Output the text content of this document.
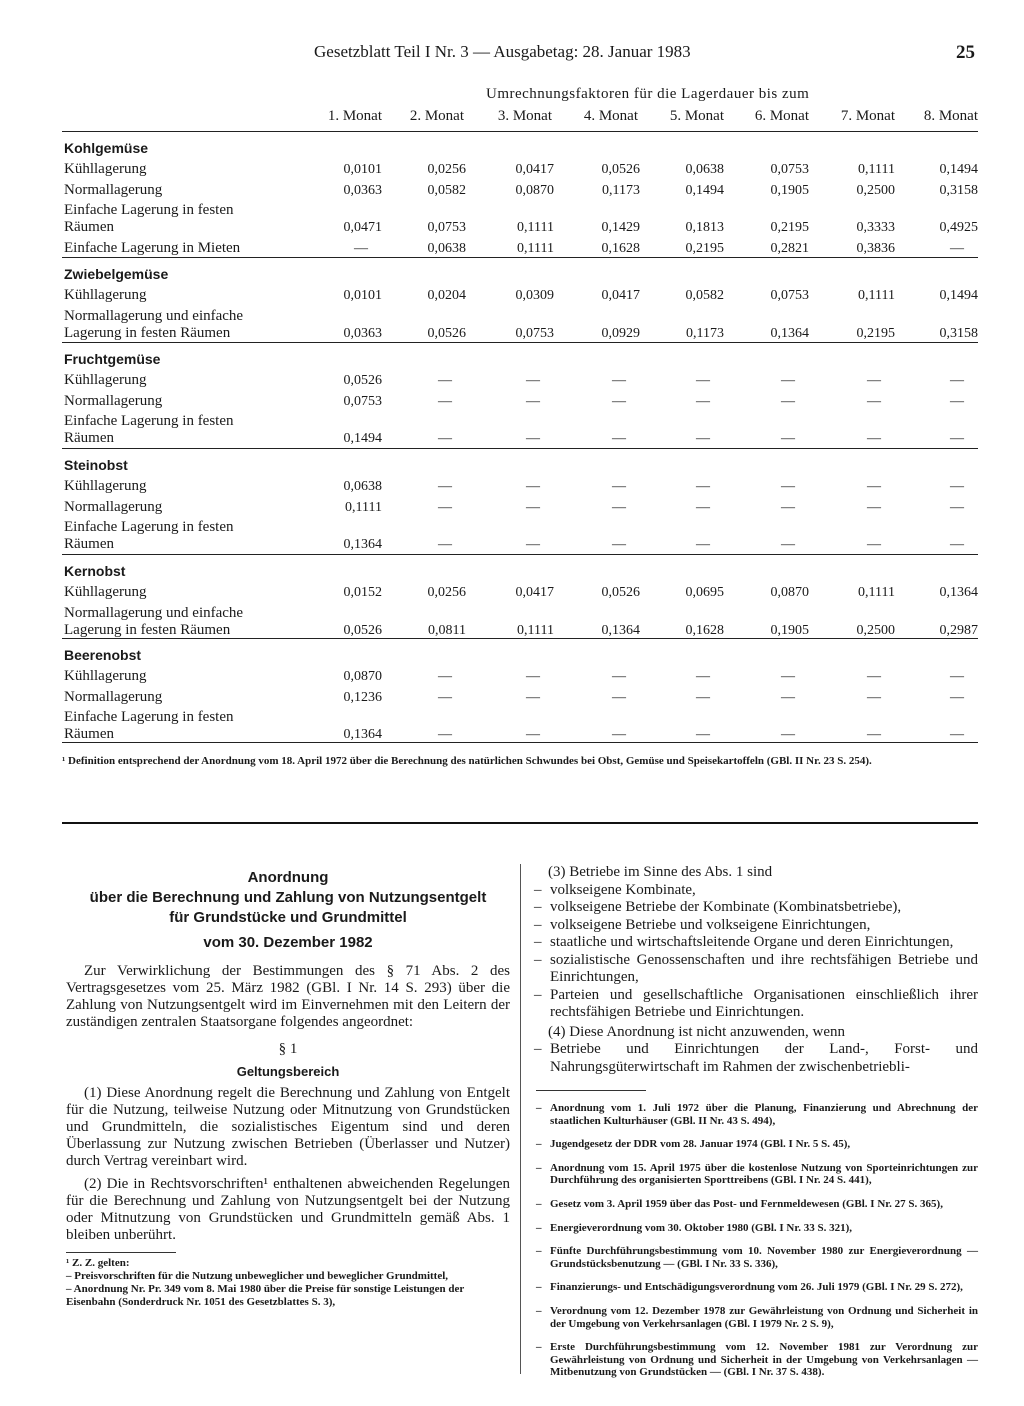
Gesetzblatt Teil I Nr. 3 — Ausgabetag: 28. Januar 1983	25
Umrechnungsfaktoren für die Lagerdauer bis zum
1. Monat 2. Monat 3. Monat 4. Monat 5. Monat 6. Monat 7. Monat 8. Monat
Kohlgemüse
Kühllagerung	0,0101	0,0256	0,0417	0,0526	0,0638	0,0753	0,1111	0,1494
Normallagerung	0,0363	0,0582	0,0870	0,1173	0,1494	0,1905	0,2500	0,3158
Einfache Lagerung in festen
Räumen	0,0471	0,0753	0,1111	0,1429	0,1813	0,2195	0,3333	0,4925
Einfache Lagerung in Mieten	—	0,0638	0,1111	0,1628	0,2195	0,2821	0,3836	—
Zwiebelgemüse
Kühllagerung	0,0101	0,0204	0,0309	0,0417	0,0582	0,0753	0,1111	0,1494
Normallagerung und einfache
Lagerung in festen Räumen	0,0363	0,0526	0,0753	0,0929	0,1173	0,1364	0,2195	0,3158
Fruchtgemüse
Kühllagerung	0,0526	—	—	—	—	—	—	—
Normallagerung	0,0753	—	—	—	—	—	—	—
Einfache Lagerung in festen
Räumen	0,1494	—	—	—	—	—	—	—
Steinobst
Kühllagerung	0,0638	—	—	—	—	—	—	—
Normallagerung	0,1111	—	—	—	—	—	—	—
Einfache Lagerung in festen
Räumen	0,1364	—	—	—	—	—	—	—
Kernobst
Kühllagerung	0,0152	0,0256	0,0417	0,0526	0,0695	0,0870	0,1111	0,1364
Normallagerung und einfache
Lagerung in festen Räumen	0,0526	0,0811	0,1111	0,1364	0,1628	0,1905	0,2500	0,2987
Beerenobst
Kühllagerung	0,0870	—	—	—	—	—	—	—
Normallagerung	0,1236	—	—	—	—	—	—	—
Einfache Lagerung in festen
Räumen	0,1364	—	—	—	—	—	—	—
¹ Definition entsprechend der Anordnung vom 18. April 1972 über die Berechnung des natürlichen Schwundes bei Obst, Gemüse und Speisekartoffeln (GBl. II Nr. 23 S. 254).
Anordnung
über die Berechnung und Zahlung von Nutzungsentgelt
für Grundstücke und Grundmittel
vom 30. Dezember 1982

Zur Verwirklichung der Bestimmungen des § 71 Abs. 2 des Vertragsgesetzes vom 25. März 1982 (GBl. I Nr. 14 S. 293) über die Zahlung von Nutzungsentgelt wird im Einvernehmen mit den Leitern der zuständigen zentralen Staatsorgane folgendes angeordnet:

§ 1
Geltungsbereich

(1) Diese Anordnung regelt die Berechnung und Zahlung von Entgelt für die Nutzung, teilweise Nutzung oder Mitnutzung von Grundstücken und Grundmitteln, die sozialistisches Eigentum sind und deren Überlassung zur Nutzung zwischen Betrieben (Überlasser und Nutzer) durch Vertrag vereinbart wird.

(2) Die in Rechtsvorschriften¹ enthaltenen abweichenden Regelungen für die Berechnung und Zahlung von Nutzungsentgelt bei der Nutzung oder Mitnutzung von Grundstücken und Grundmitteln gemäß Abs. 1 bleiben unberührt.

¹ Z. Z. gelten:
– Preisvorschriften für die Nutzung unbeweglicher und beweglicher Grundmittel,
– Anordnung Nr. Pr. 349 vom 8. Mai 1980 über die Preise für sonstige Leistungen der Eisenbahn (Sonderdruck Nr. 1051 des Gesetzblattes S. 3),

(3) Betriebe im Sinne des Abs. 1 sind

– volkseigene Kombinate,

– volkseigene Betriebe der Kombinate (Kombinatsbetriebe),

– volkseigene Betriebe und volkseigene Einrichtungen,

– staatliche und wirtschaftsleitende Organe und deren Einrichtungen,

– sozialistische Genossenschaften und ihre rechtsfähigen Betriebe und Einrichtungen,

– Parteien und gesellschaftliche Organisationen einschließlich ihrer rechtsfähigen Betriebe und Einrichtungen.

(4) Diese Anordnung ist nicht anzuwenden, wenn

– Betriebe und Einrichtungen der Land-, Forst- und Nahrungsgüterwirtschaft im Rahmen der zwischenbetriebli-

– Anordnung vom 1. Juli 1972 über die Planung, Finanzierung und Abrechnung der staatlichen Kulturhäuser (GBl. II Nr. 43 S. 494),

– Jugendgesetz der DDR vom 28. Januar 1974 (GBl. I Nr. 5 S. 45),

– Anordnung vom 15. April 1975 über die kostenlose Nutzung von Sporteinrichtungen zur Durchführung des organisierten Sporttreibens (GBl. I Nr. 24 S. 441),

– Gesetz vom 3. April 1959 über das Post- und Fernmeldewesen (GBl. I Nr. 27 S. 365),

– Energieverordnung vom 30. Oktober 1980 (GBl. I Nr. 33 S. 321),

– Fünfte Durchführungsbestimmung vom 10. November 1980 zur Energieverordnung — Grundstücksbenutzung — (GBl. I Nr. 33 S. 336),

– Finanzierungs- und Entschädigungsverordnung vom 26. Juli 1979 (GBl. I Nr. 29 S. 272),

– Verordnung vom 12. Dezember 1978 zur Gewährleistung von Ordnung und Sicherheit in der Umgebung von Verkehrsanlagen (GBl. I 1979 Nr. 2 S. 9),

– Erste Durchführungsbestimmung vom 12. November 1981 zur Verordnung zur Gewährleistung von Ordnung und Sicherheit in der Umgebung von Verkehrsanlagen — Mitbenutzung von Grundstücken — (GBl. I Nr. 37 S. 438).
